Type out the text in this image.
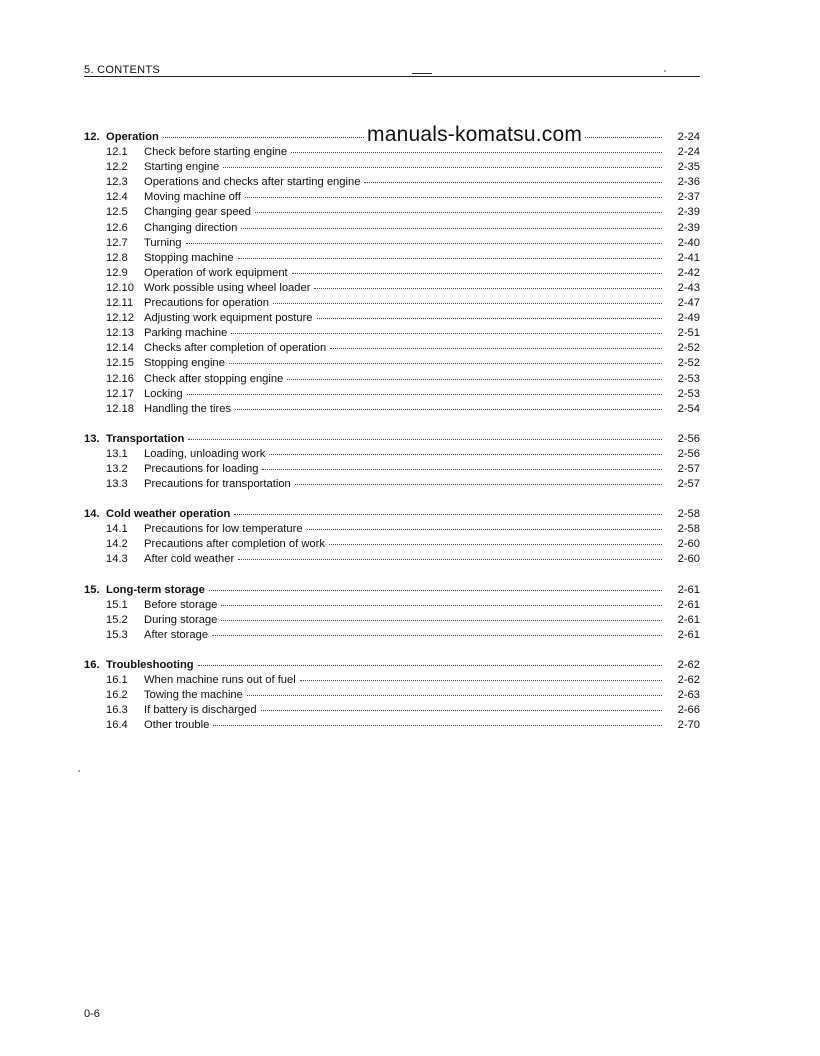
5. CONTENTS
12. Operation	2-24
12.1	Check before starting engine	2-24
12.2	Starting engine	2-35
12.3	Operations and checks after starting engine	2-36
12.4	Moving machine off	2-37
12.5	Changing gear speed	2-39
12.6	Changing direction	2-39
12.7	Turning	2-40
12.8	Stopping machine	2-41
12.9	Operation of work equipment	2-42
12.10 Work possible using wheel loader	2-43
12.11 Precautions for operation	2-47
12.12 Adjusting work equipment posture	2-49
12.13 Parking machine	2-51
12.14 Checks after completion of operation	2-52
12.15 Stopping engine	2-52
12.16 Check after stopping engine	2-53
12.17 Locking	2-53
12.18 Handling the tires	2-54
13. Transportation	2-56
13.1	Loading, unloading work	2-56
13.2	Precautions for loading	2-57
13.3	Precautions for transportation	2-57
14. Cold weather operation	2-58
14.1	Precautions for low temperature	2-58
14.2	Precautions after completion of work	2-60
14.3	After cold weather	2-60
15. Long-term storage	2-61
15.1	Before storage	2-61
15.2	During storage	2-61
15.3	After storage	2-61
16. Troubleshooting	2-62
16.1	When machine runs out of fuel	2-62
16.2	Towing the machine	2-63
16.3	If battery is discharged	2-66
16.4	Other trouble	2-70
manuals-komatsu.com
0-6
